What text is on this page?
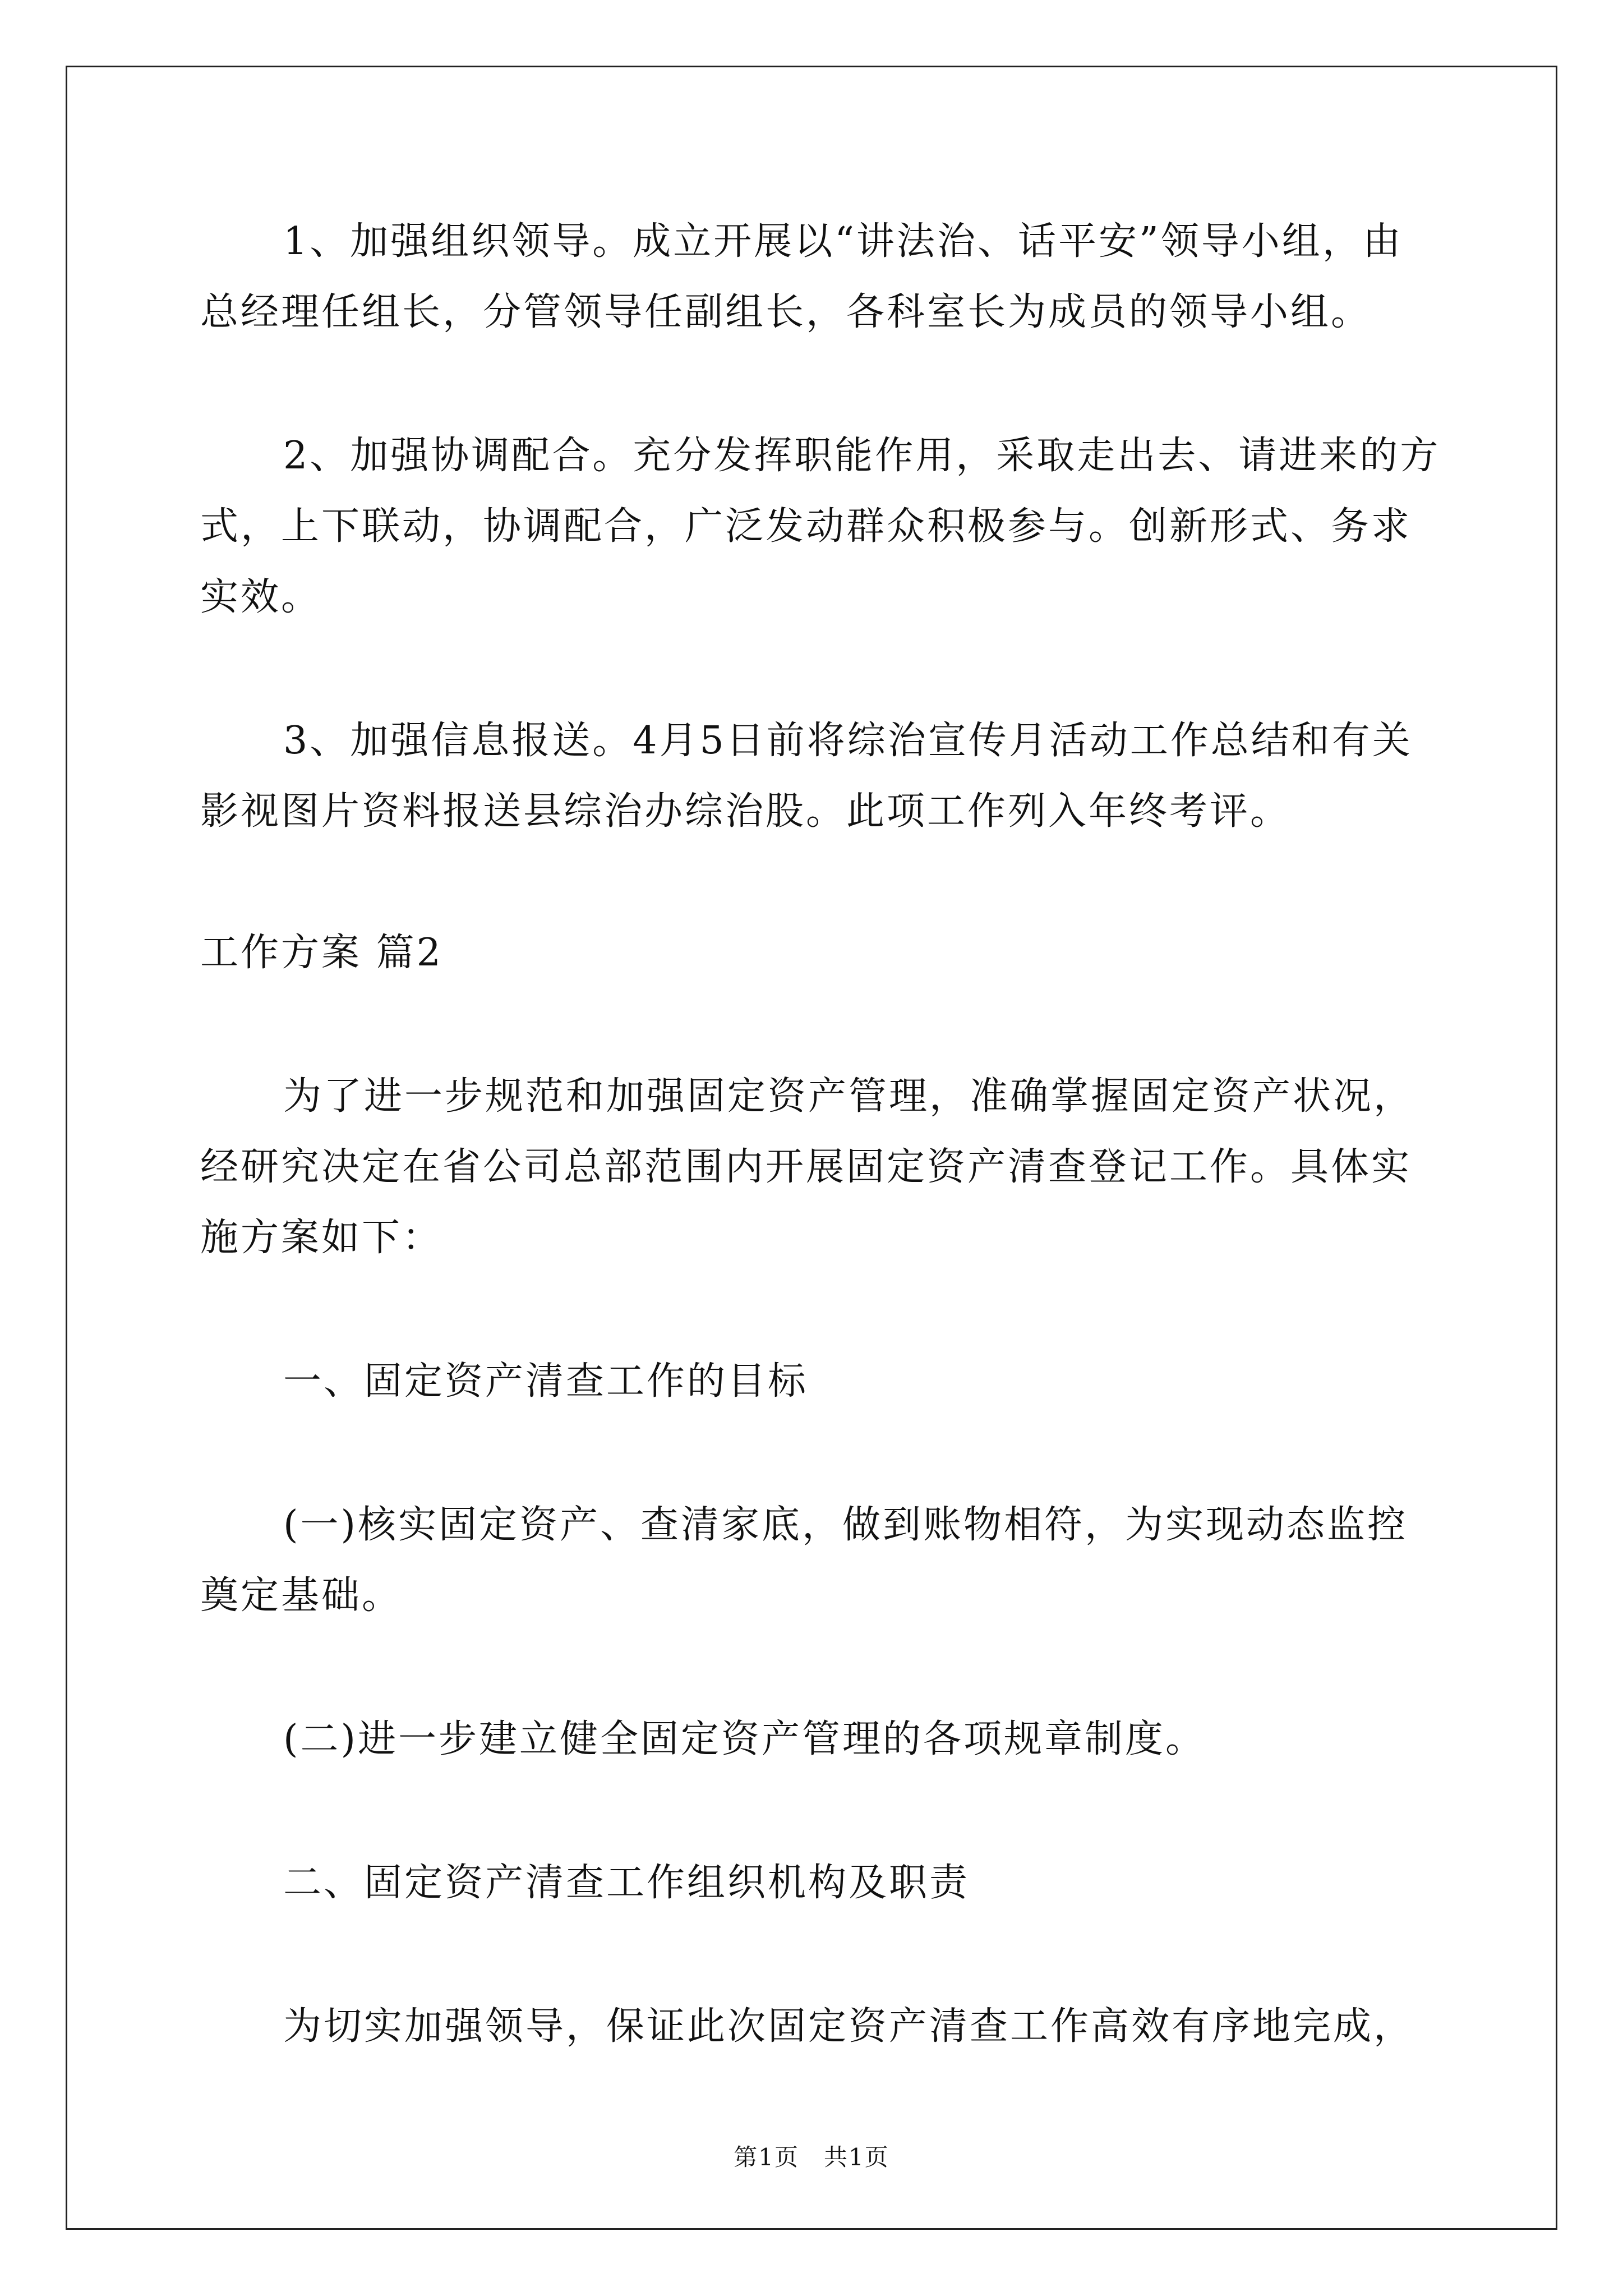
1、加强组织领导。成立开展以“讲法治、话平安”领导小组，由
总经理任组长，分管领导任副组长，各科室长为成员的领导小组。

2、加强协调配合。充分发挥职能作用，采取走出去、请进来的方
式，上下联动，协调配合，广泛发动群众积极参与。创新形式、务求
实效。

3、加强信息报送。4月5日前将综治宣传月活动工作总结和有关
影视图片资料报送县综治办综治股。此项工作列入年终考评。

工作方案 篇2

为了进一步规范和加强固定资产管理，准确掌握固定资产状况，
经研究决定在省公司总部范围内开展固定资产清查登记工作。具体实
施方案如下：

一、固定资产清查工作的目标

(一)核实固定资产、查清家底，做到账物相符，为实现动态监控
奠定基础。

(二)进一步建立健全固定资产管理的各项规章制度。

二、固定资产清查工作组织机构及职责

为切实加强领导，保证此次固定资产清查工作高效有序地完成，

第1页　共1页
